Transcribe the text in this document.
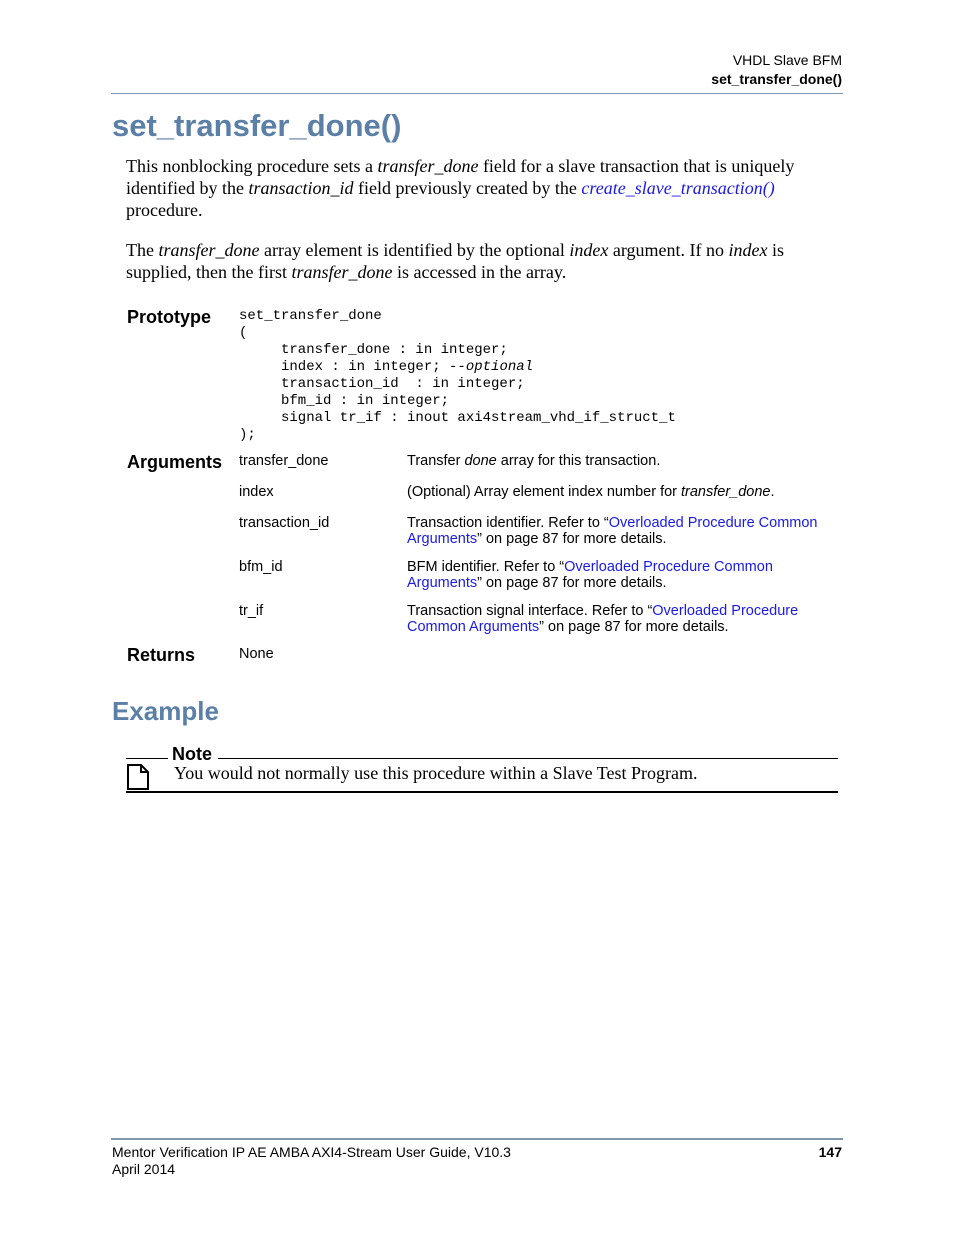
VHDL Slave BFM
set_transfer_done()
set_transfer_done()

This nonblocking procedure sets a transfer_done field for a slave transaction that is uniquely identified by the transaction_id field previously created by the create_slave_transaction()
procedure.

The transfer_done array element is identified by the optional index argument. If no index is supplied, then the first transfer_done is accessed in the array.

Prototype set_transfer_done
(
transfer_done : in integer;
index : in integer; --optional
transaction_id  : in integer;
bfm_id : in integer;
signal tr_if : inout axi4stream_vhd_if_struct_t
);
Arguments transfer_done	Transfer done array for this transaction.
index	(Optional) Array element index number for transfer_done.
transaction_id	Transaction identifier. Refer to “Overloaded Procedure Common Arguments” on page 87 for more details.
bfm_id	BFM identifier. Refer to “Overloaded Procedure Common Arguments” on page 87 for more details.
tr_if	Transaction signal interface. Refer to “Overloaded Procedure Common Arguments” on page 87 for more details.
Returns	None
Example
Note
You would not normally use this procedure within a Slave Test Program.
Mentor Verification IP AE AMBA AXI4-Stream User Guide, V10.3
April 2014
147
